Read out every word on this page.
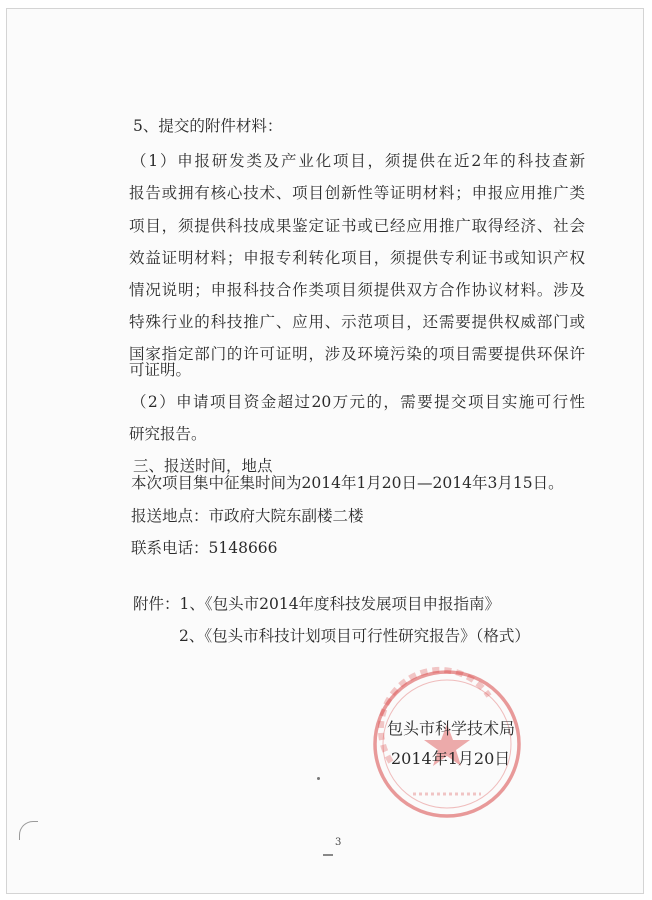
5、提交的附件材料：
（1）申报研发类及产业化项目，须提供在近2年的科技查新
报告或拥有核心技术、项目创新性等证明材料；申报应用推广类
项目，须提供科技成果鉴定证书或已经应用推广取得经济、社会
效益证明材料；申报专利转化项目，须提供专利证书或知识产权
情况说明；申报科技合作类项目须提供双方合作协议材料。涉及
特殊行业的科技推广、应用、示范项目，还需要提供权威部门或
国家指定部门的许可证明，涉及环境污染的项目需要提供环保许
可证明。
（2）申请项目资金超过20万元的，需要提交项目实施可行性
研究报告。
三、报送时间，地点
本次项目集中征集时间为2014年1月20日—2014年3月15日。
报送地点：市政府大院东副楼二楼
联系电话：5148666
附件：1、《包头市2014年度科技发展项目申报指南》
2、《包头市科技计划项目可行性研究报告》（格式）
包头市科学技术局
2014年1月20日
3
